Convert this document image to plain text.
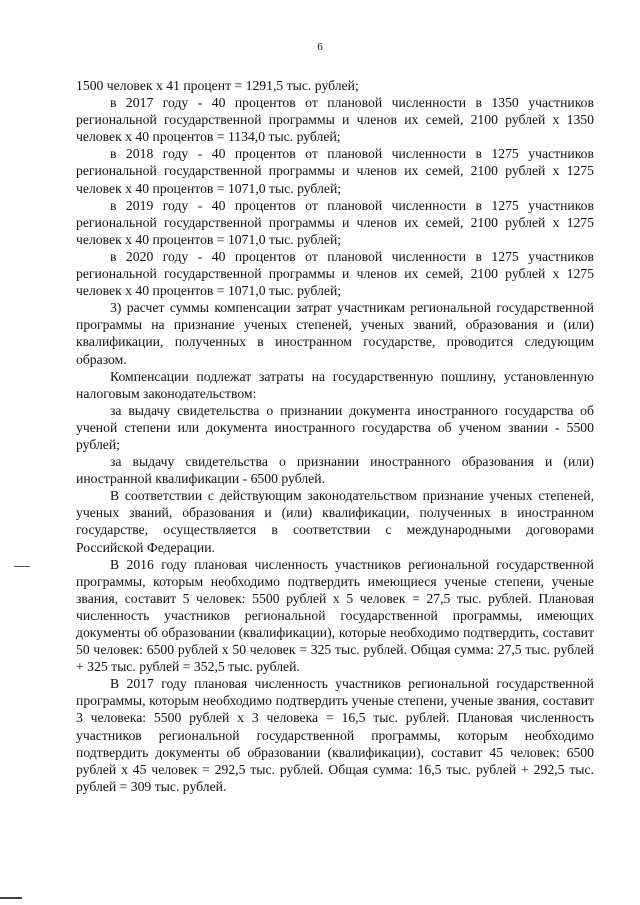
6

1500 человек х 41 процент = 1291,5 тыс. рублей;

в 2017 году - 40 процентов от плановой численности в 1350 участников региональной государственной программы и членов их семей, 2100 рублей х 1350 человек х 40 процентов = 1134,0 тыс. рублей;

в 2018 году - 40 процентов от плановой численности в 1275 участников региональной государственной программы и членов их семей, 2100 рублей х 1275 человек х 40 процентов = 1071,0 тыс. рублей;

в 2019 году - 40 процентов от плановой численности в 1275 участников региональной государственной программы и членов их семей, 2100 рублей х 1275 человек х 40 процентов = 1071,0 тыс. рублей;

в 2020 году - 40 процентов от плановой численности в 1275 участников региональной государственной программы и членов их семей, 2100 рублей х 1275 человек х 40 процентов = 1071,0 тыс. рублей;

3) расчет суммы компенсации затрат участникам региональной государственной программы на признание ученых степеней, ученых званий, образования и (или) квалификации, полученных в иностранном государстве, проводится следующим образом.

Компенсации подлежат затраты на государственную пошлину, установленную налоговым законодательством:

за выдачу свидетельства о признании документа иностранного государства об ученой степени или документа иностранного государства об ученом звании - 5500 рублей;

за выдачу свидетельства о признании иностранного образования и (или) иностранной квалификации - 6500 рублей.

В соответствии с действующим законодательством признание ученых степеней, ученых званий, образования и (или) квалификации, полученных в иностранном государстве, осуществляется в соответствии с международными договорами Российской Федерации.

В 2016 году плановая численность участников региональной государственной программы, которым необходимо подтвердить имеющиеся ученые степени, ученые звания, составит 5 человек: 5500 рублей х 5 человек = 27,5 тыс. рублей. Плановая численность участников региональной государственной программы, имеющих документы об образовании (квалификации), которые необходимо подтвердить, составит 50 человек: 6500 рублей х 50 человек = 325 тыс. рублей. Общая сумма: 27,5 тыс. рублей + 325 тыс. рублей = 352,5 тыс. рублей.

В 2017 году плановая численность участников региональной государственной программы, которым необходимо подтвердить ученые степени, ученые звания, составит 3 человека: 5500 рублей х 3 человека = 16,5 тыс. рублей. Плановая численность участников региональной государственной программы, которым необходимо подтвердить документы об образовании (квалификации), составит 45 человек: 6500 рублей х 45 человек = 292,5 тыс. рублей. Общая сумма: 16,5 тыс. рублей + 292,5 тыс. рублей = 309 тыс. рублей.
